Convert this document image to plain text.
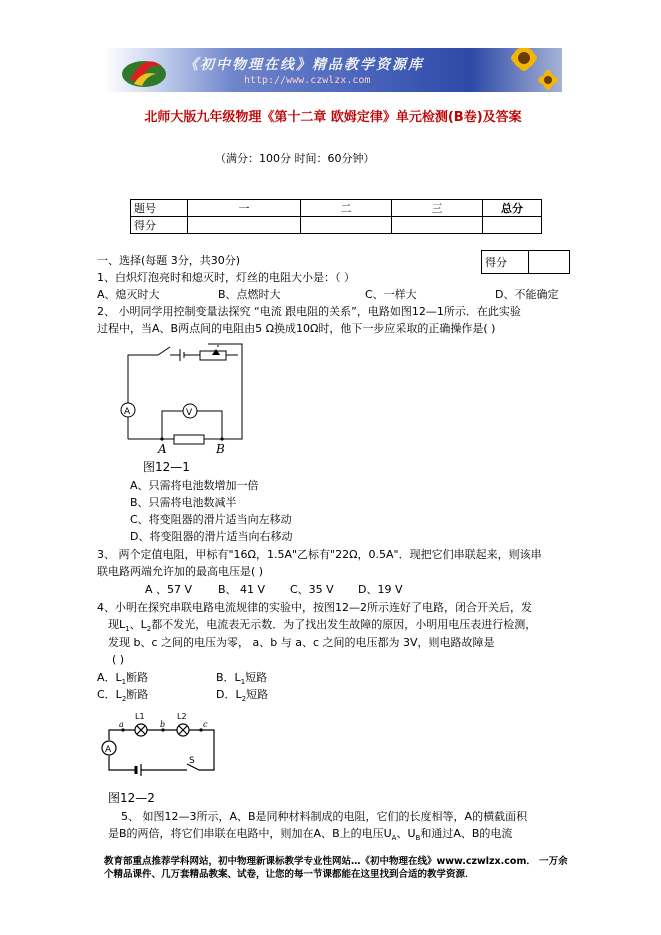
《初中物理在线》精品教学资源库
http://www.czwlzx.com
北师大版九年级物理《第十二章 欧姆定律》单元检测(B卷)及答案
（满分：100分 时间：60分钟）
题号	一	二	三	总分
得分				
得分	
一、选择(每题 3分，共30分)
1、白炽灯泡亮时和熄灭时，灯丝的电阻大小是：（ ）
A、熄灭时大	B、点燃时大	C、一样大	D、不能确定
2、 小明同学用控制变量法探究 “电流 跟电阻的关系”，电路如图12—1所示．在此实验
过程中，当A、B两点间的电阻由5 Ω换成10Ω时，他下一步应采取的正确操作是( )
A	V
A	B
图12—1
A、只需将电池数增加一倍
B、只需将电池数减半
C、将变阻器的滑片适当向左移动
D、将变阻器的滑片适当向右移动
3、 两个定值电阻，甲标有"16Ω，1.5A"乙标有"22Ω，0.5A"．现把它们串联起来，则该串
联电路两端允许加的最高电压是( )
A 、57 V B、 41 V C、35 V D、19 V
4、小明在探究串联电路电流规律的实验中，按图12—2所示连好了电路，闭合开关后，发
现$L_1$、$L_2$都不发光，电流表无示数．为了找出发生故障的原因，小明用电压表进行检测，
发现 b、c 之间的电压为零， a、b 与 a、c 之间的电压都为 3V，则电路故障是
( )
A．$L_1$断路	B．$L_1$短路
C．$L_2$断路	D．$L_2$短路
A
a	b	c
L1	L2
S
图12—2
5、 如图12—3所示，A、B是同种材料制成的电阻，它们的长度相等，A的横截面积
是B的两倍，将它们串联在电路中，则加在A、B上的电压$U_A$、$U_B$和通过A、B的电流
教育部重点推荐学科网站，初中物理新课标教学专业性网站…《初中物理在线》www.czwlzx.com． 一万余
个精品课件、几万套精品教案、试卷，让您的每一节课都能在这里找到合适的教学资源．
